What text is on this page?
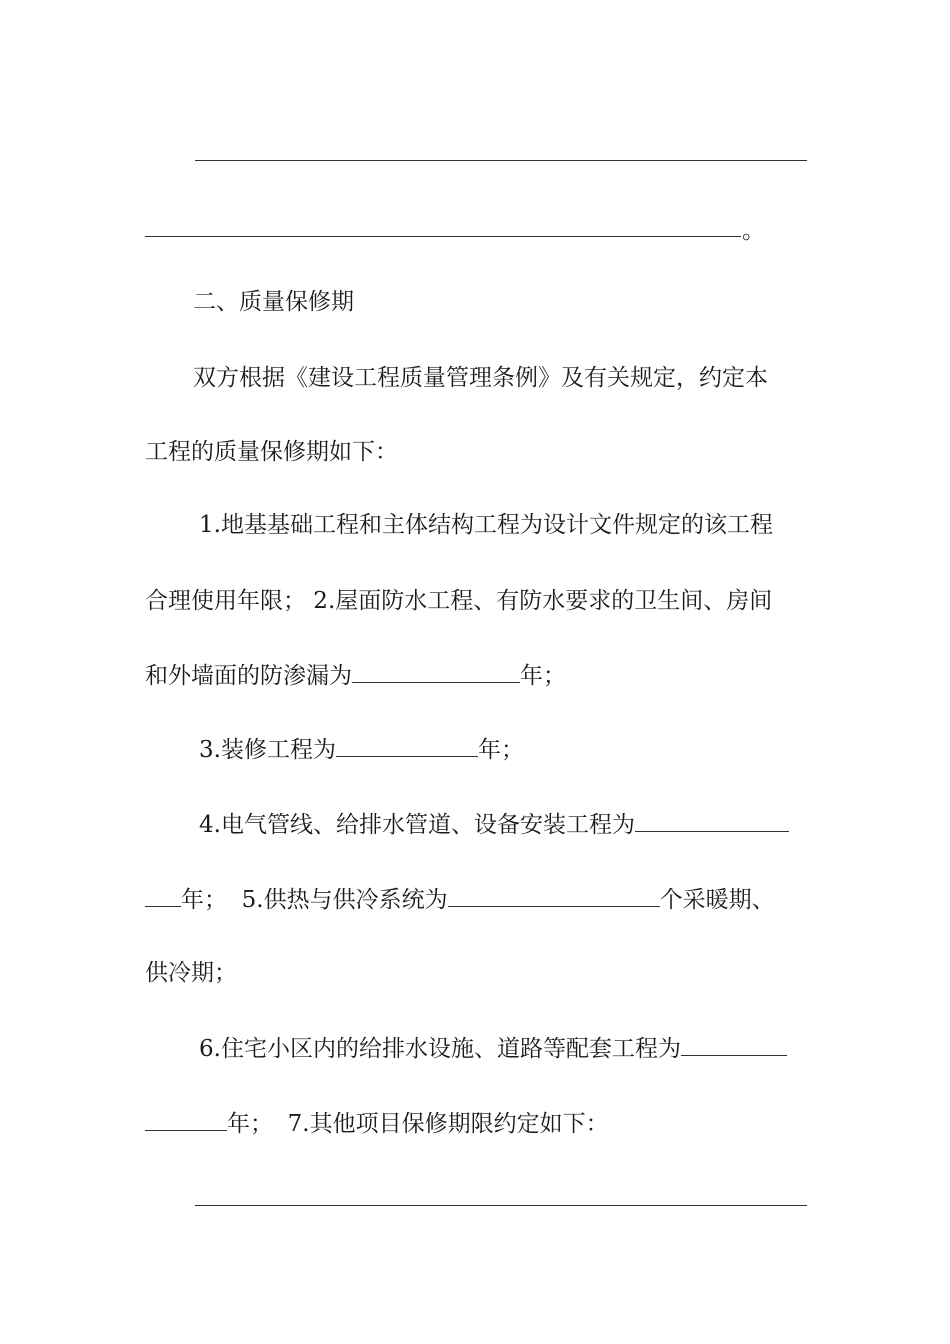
。
二、质量保修期
双方根据《建设工程质量管理条例》及有关规定，约定本
工程的质量保修期如下：
1.地基基础工程和主体结构工程为设计文件规定的该工程
合理使用年限； 2.屋面防水工程、有防水要求的卫生间、房间
和外墙面的防渗漏为	年；
3.装修工程为	年；
4.电气管线、给排水管道、设备安装工程为
年； 5.供热与供冷系统为	个采暖期、
供冷期；
6.住宅小区内的给排水设施、道路等配套工程为
年； 7.其他项目保修期限约定如下：
